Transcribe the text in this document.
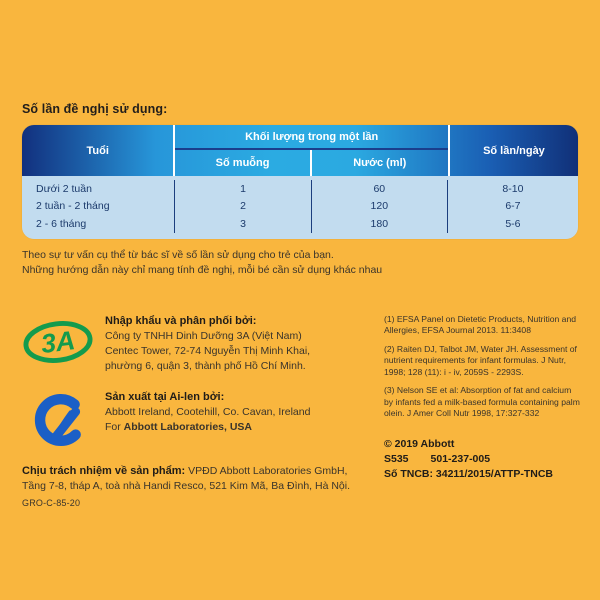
Số lần đề nghị sử dụng:
Tuổi
Khối lượng trong một lần
Số muỗng	Nước (ml)
Số lần/ngày
Dưới 2 tuần	1	60	8-10
2 tuần - 2 tháng	2	120	6-7
2 - 6 tháng	3	180	5-6
Theo sự tư vấn cụ thể từ bác sĩ về số lần sử dụng cho trẻ của bạn.
Những hướng dẫn này chỉ mang tính đề nghị, mỗi bé cần sử dụng khác nhau
3A
Nhập khẩu và phân phối bởi:
Công ty TNHH Dinh Dưỡng 3A (Việt Nam)
Centec Tower, 72-74 Nguyễn Thị Minh Khai,
phường 6, quận 3, thành phố Hồ Chí Minh.
Sản xuất tại Ai-len bởi:
Abbott Ireland, Cootehill, Co. Cavan, Ireland
For Abbott Laboratories, USA
Chịu trách nhiệm về sản phẩm: VPĐD Abbott Laboratories GmbH,
Tầng 7-8, tháp A, toà nhà Handi Resco, 521 Kim Mã, Ba Đình, Hà Nội.
GRO-C-85-20

(1) EFSA Panel on Dietetic Products, Nutrition and Allergies, EFSA Journal 2013. 11:3408

(2) Raiten DJ, Talbot JM, Water JH. Assessment of nutrient requirements for infant formulas. J Nutr, 1998; 128 (11): i - iv, 2059S - 2293S.

(3) Nelson SE et al: Absorption of fat and calcium by infants fed a milk-based formula containing palm olein. J Amer Coll Nutr 1998, 17:327-332

© 2019 Abbott
S535 501-237-005
Số TNCB: 34211/2015/ATTP-TNCB
